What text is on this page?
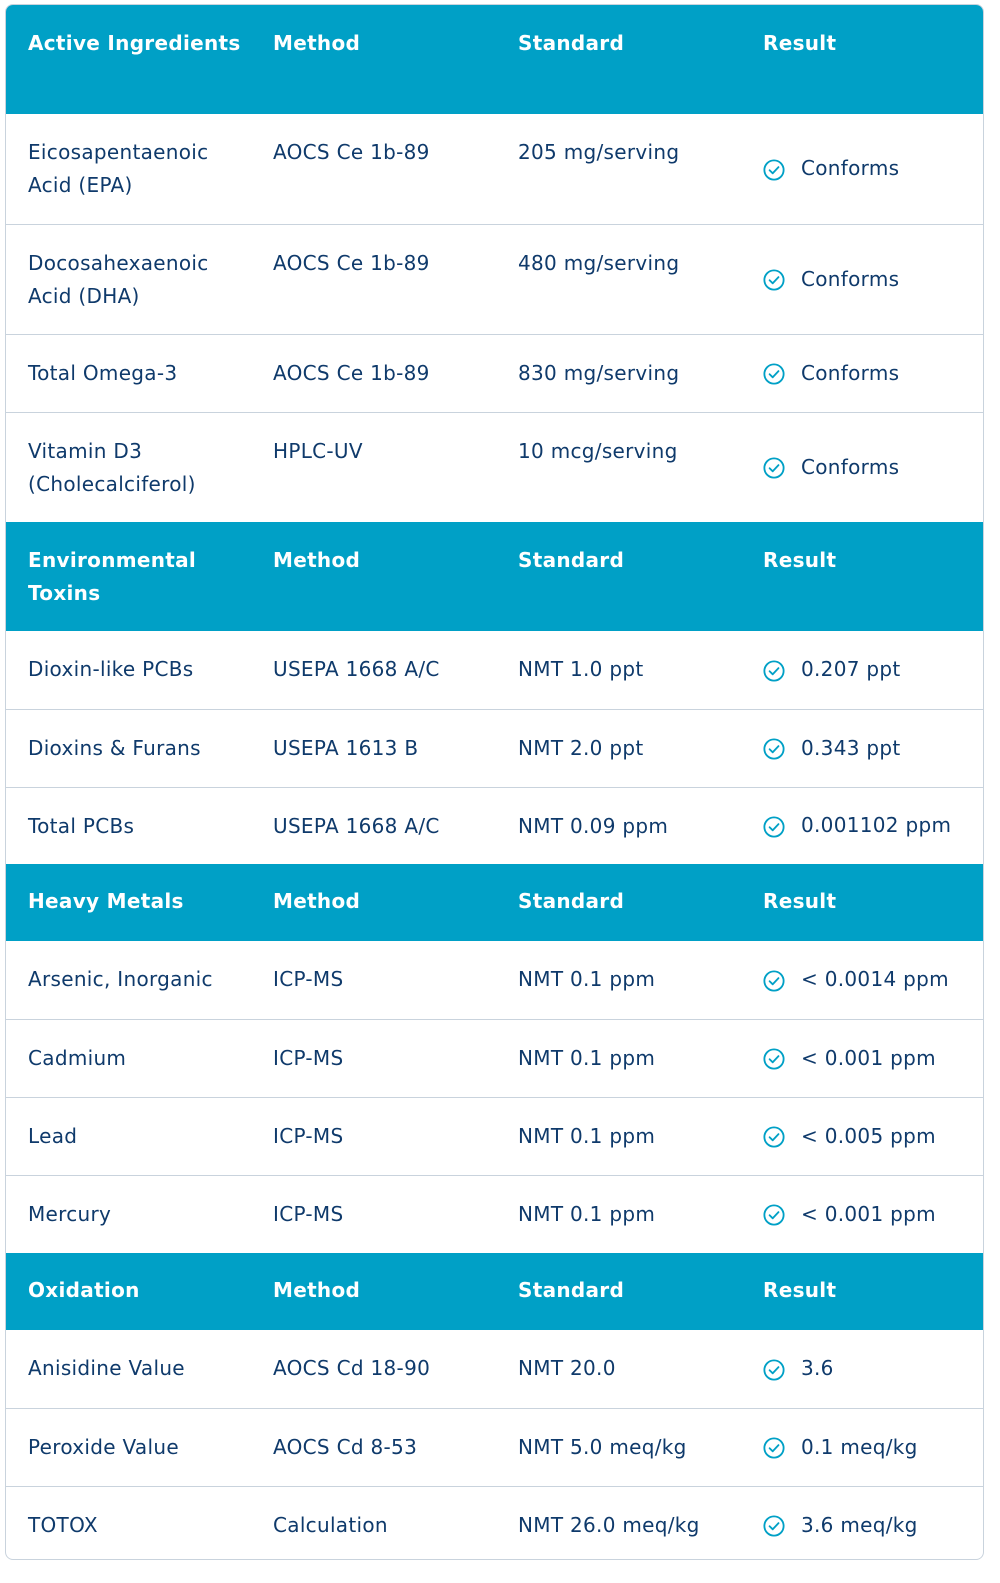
Active Ingredients	Method	Standard	Result
Eicosapentaenoic Acid (EPA)	AOCS Ce 1b-89	205 mg/serving	Conforms

Docosahexaenoic Acid (DHA)	AOCS Ce 1b-89	480 mg/serving	Conforms

Total Omega-3	AOCS Ce 1b-89	830 mg/serving	Conforms

Vitamin D3 (Cholecalciferol)	HPLC-UV	10 mcg/serving	Conforms

Environmental Toxins	Method	Standard	Result
Dioxin-like PCBs	USEPA 1668 A/C	NMT 1.0 ppt	0.207 ppt

Dioxins & Furans	USEPA 1613 B	NMT 2.0 ppt	0.343 ppt

Total PCBs	USEPA 1668 A/C	NMT 0.09 ppm	0.001102 ppm

Heavy Metals	Method	Standard	Result
Arsenic, Inorganic	ICP-MS	NMT 0.1 ppm	< 0.0014 ppm

Cadmium	ICP-MS	NMT 0.1 ppm	< 0.001 ppm

Lead	ICP-MS	NMT 0.1 ppm	< 0.005 ppm

Mercury	ICP-MS	NMT 0.1 ppm	< 0.001 ppm

Oxidation	Method	Standard	Result
Anisidine Value	AOCS Cd 18-90	NMT 20.0	3.6

Peroxide Value	AOCS Cd 8-53	NMT 5.0 meq/kg	0.1 meq/kg

TOTOX	Calculation	NMT 26.0 meq/kg	3.6 meq/kg
